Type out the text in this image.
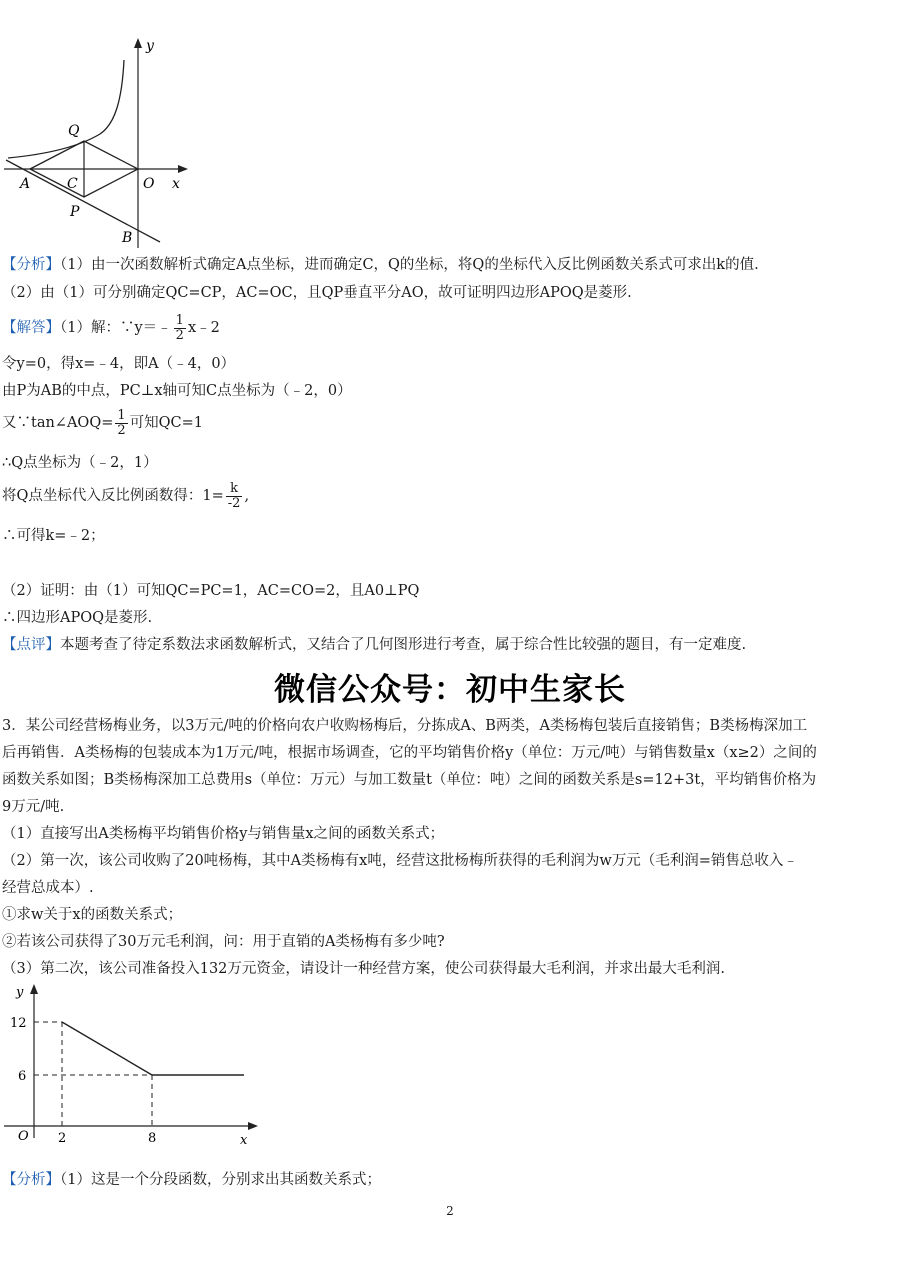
y
x
Q
A	C	O
P
B
【分析】（1）由一次函数解析式确定A点坐标，进而确定C，Q的坐标，将Q的坐标代入反比例函数关系式可求出k的值.
（2）由（1）可分别确定QC=CP，AC=OC，且QP垂直平分AO，故可证明四边形APOQ是菱形.
【解答】（1）解：∵y＝﹣ $\frac{1}{2}$ x﹣2
令y=0，得x=﹣4，即A（﹣4，0）
由P为AB的中点，PC⊥x轴可知C点坐标为（﹣2，0）
又∵tan∠AOQ= $\frac{1}{2}$ 可知QC=1
∴Q点坐标为（﹣2，1）
将Q点坐标代入反比例函数得：$1= \frac{k}{-2}$ ,
∴可得k=﹣2；
（2）证明：由（1）可知QC=PC=1，AC=CO=2，且A0⊥PQ
∴四边形APOQ是菱形.
【点评】本题考查了待定系数法求函数解析式，又结合了几何图形进行考查，属于综合性比较强的题目，有一定难度.
微信公众号：初中生家长
3．某公司经营杨梅业务，以3万元/吨的价格向农户收购杨梅后，分拣成A、B两类，A类杨梅包装后直接销售；B类杨梅深加工
后再销售．A类杨梅的包装成本为1万元/吨，根据市场调查，它的平均销售价格y（单位：万元/吨）与销售数量x（x≥2）之间的
函数关系如图；B类杨梅深加工总费用s（单位：万元）与加工数量t（单位：吨）之间的函数关系是s=12+3t，平均销售价格为
9万元/吨.
（1）直接写出A类杨梅平均销售价格y与销售量x之间的函数关系式；
（2）第一次，该公司收购了20吨杨梅，其中A类杨梅有x吨，经营这批杨梅所获得的毛利润为w万元（毛利润=销售总收入﹣
经营总成本）.
①求w关于x的函数关系式；
②若该公司获得了30万元毛利润，问：用于直销的A类杨梅有多少吨?
（3）第二次，该公司准备投入132万元资金，请设计一种经营方案，使公司获得最大毛利润，并求出最大毛利润.
y
x
O
12
6
2	8
【分析】（1）这是一个分段函数，分别求出其函数关系式；
2
